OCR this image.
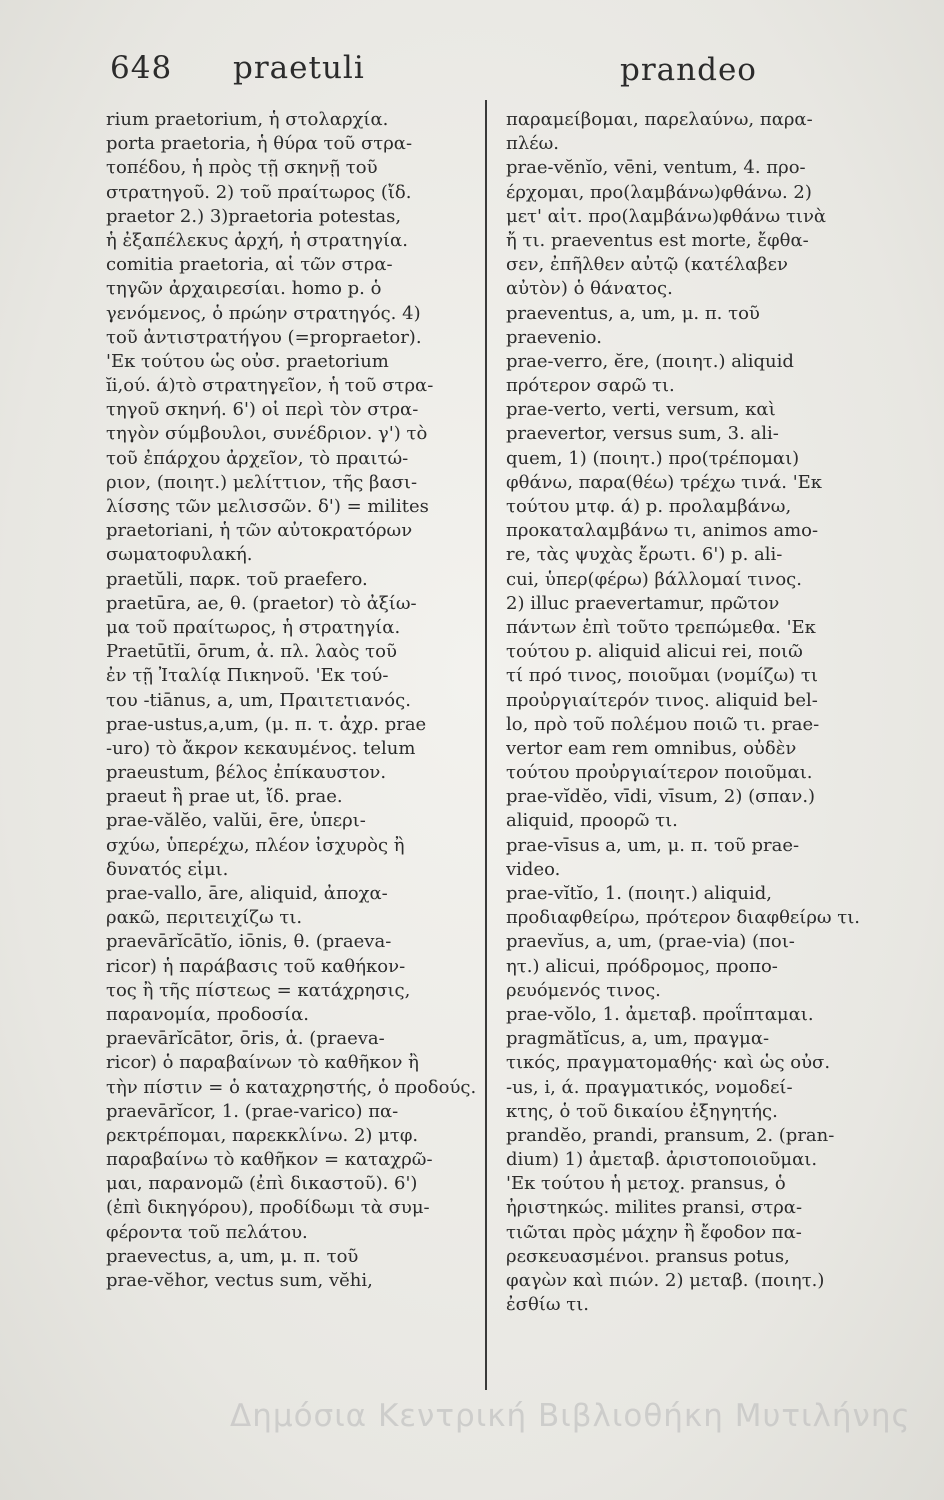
648 praetuli	prandeo
rium praetorium, ἡ στολαρχία.
porta praetoria, ἡ θύρα τοῦ στρα-
τοπέδου, ἡ πρὸς τῇ σκηνῇ τοῦ
στρατηγοῦ. 2) τοῦ πραίτωρος (ἴδ.
praetor 2.) 3)praetoria potestas,
ἡ ἐξαπέλεκυς ἀρχή, ἡ στρατηγία.
comitia praetoria, αἱ τῶν στρα-
τηγῶν ἀρχαιρεσίαι. homo p. ὁ
γενόμενος, ὁ πρώην στρατηγός. 4)
τοῦ ἀντιστρατήγου (=propraetor).
'Εκ τούτου ὡς οὐσ. praetorium
ĭi,ού. ά)τὸ στρατηγεῖον, ἡ τοῦ στρα-
τηγοῦ σκηνή. 6') οἱ περὶ τὸν στρα-
τηγὸν σύμβουλοι, συνέδριον. γ') τὸ
τοῦ ἐπάρχου ἀρχεῖον, τὸ πραιτώ-
ριον, (ποιητ.) μελίττιον, τῆς βασι-
λίσσης τῶν μελισσῶν. δ') = milites
praetoriani, ἡ τῶν αὐτοκρατόρων
σωματοφυλακή.
praetŭli, παρκ. τοῦ praefero.
praetūra, ae, θ. (praetor) τὸ ἀξίω-
μα τοῦ πραίτωρος, ἡ στρατηγία.
Praetūtĭi, ōrum, ἀ. πλ. λαὸς τοῦ
ἐν τῇ Ἰταλίᾳ Πικηνοῦ. 'Εκ τού-
του -tiānus, a, um, Πραιτετιανός.
prae-ustus,a,um, (μ. π. τ. ἀχρ. prae
-uro) τὸ ἄκρον κεκαυμένος. telum
praeustum, βέλος ἐπίκαυστον.
praeut ἢ prae ut, ἴδ. prae.
prae-vălĕo, valŭi, ēre, ὑπερι-
σχύω, ὑπερέχω, πλέον ἰσχυρὸς ἢ
δυνατός εἰμι.
prae-vallo, āre, aliquid, ἀποχα-
ρακῶ, περιτειχίζω τι.
praevārĭcātĭo, iōnis, θ. (praeva-
ricor) ἡ παράβασις τοῦ καθήκον-
τος ἢ τῆς πίστεως = κατάχρησις,
παρανομία, προδοσία.
praevārĭcātor, ōris, ἀ. (praeva-
ricor) ὁ παραβαίνων τὸ καθῆκον ἢ
τὴν πίστιν = ὁ καταχρηστής, ὁ προδούς.
praevārĭcor, 1. (prae-varico) πα-
ρεκτρέπομαι, παρεκκλίνω. 2) μτφ.
παραβαίνω τὸ καθῆκον = καταχρῶ-
μαι, παρανομῶ (ἐπὶ δικαστοῦ). 6')
(ἐπὶ δικηγόρου), προδίδωμι τὰ συμ-
φέροντα τοῦ πελάτου.
praevectus, a, um, μ. π. τοῦ
prae-vĕhor, vectus sum, vĕhi,
παραμείβομαι, παρελαύνω, παρα-
πλέω.
prae-vĕnĭo, vēni, ventum, 4. προ-
έρχομαι, προ(λαμβάνω)φθάνω. 2)
μετ' αἰτ. προ(λαμβάνω)φθάνω τινὰ
ἤ τι. praeventus est morte, ἔφθα-
σεν, ἐπῆλθεν αὐτῷ (κατέλαβεν
αὐτὸν) ὁ θάνατος.
praeventus, a, um, μ. π. τοῦ
praevenio.
prae-verro, ĕre, (ποιητ.) aliquid
πρότερον σαρῶ τι.
prae-verto, verti, versum, καὶ
praevertor, versus sum, 3. ali-
quem, 1) (ποιητ.) προ(τρέπομαι)
φθάνω, παρα(θέω) τρέχω τινά. 'Εκ
τούτου μτφ. ά) p. προλαμβάνω,
προκαταλαμβάνω τι, animos amo-
re, τὰς ψυχὰς ἔρωτι. 6') p. ali-
cui, ὑπερ(φέρω) βάλλομαί τινος.
2) illuc praevertamur, πρῶτον
πάντων ἐπὶ τοῦτο τρεπώμεθα. 'Εκ
τούτου p. aliquid alicui rei, ποιῶ
τί πρό τινος, ποιοῦμαι (νομίζω) τι
προὐργιαίτερόν τινος. aliquid bel-
lo, πρὸ τοῦ πολέμου ποιῶ τι. prae-
vertor eam rem omnibus, οὐδὲν
τούτου προὐργιαίτερον ποιοῦμαι.
prae-vĭdĕo, vīdi, vīsum, 2) (σπαν.)
aliquid, προορῶ τι.
prae-vīsus a, um, μ. π. τοῦ prae-
video.
prae-vĭtĭo, 1. (ποιητ.) aliquid,
προδιαφθείρω, πρότερον διαφθείρω τι.
praevĭus, a, um, (prae-via) (ποι-
ητ.) alicui, πρόδρομος, προπο-
ρευόμενός τινος.
prae-vŏlo, 1. ἀμεταβ. προΐπταμαι.
pragmătĭcus, a, um, πραγμα-
τικός, πραγματομαθής· καὶ ὡς οὐσ.
-us, i, ά. πραγματικός, νομοδεί-
κτης, ὁ τοῦ δικαίου ἐξηγητής.
prandĕo, prandi, pransum, 2. (pran-
dium) 1) ἀμεταβ. ἀριστοποιοῦμαι.
'Εκ τούτου ἡ μετοχ. pransus, ὁ
ἠριστηκώς. milites pransi, στρα-
τιῶται πρὸς μάχην ἢ ἔφοδον πα-
ρεσκευασμένοι. pransus potus,
φαγὼν καὶ πιών. 2) μεταβ. (ποιητ.)
ἐσθίω τι.
Δημόσια Κεντρική Βιβλιοθήκη Μυτιλήνης
